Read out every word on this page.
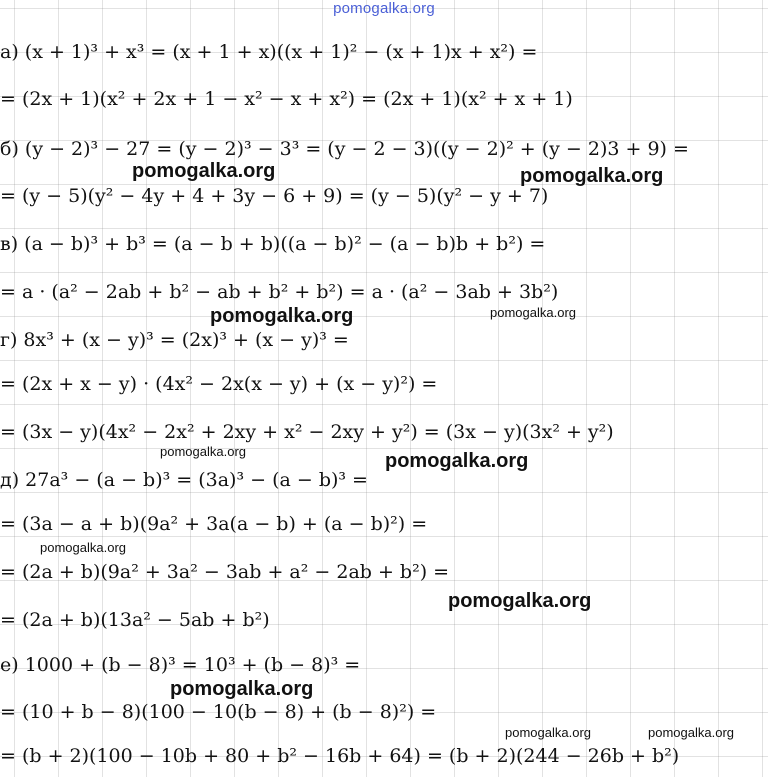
pomogalka.org
а) (x + 1)³ + x³ = (x + 1 + x)((x + 1)² − (x + 1)x + x²) =
= (2x + 1)(x² + 2x + 1 − x² − x + x²) = (2x + 1)(x² + x + 1)
б) (y − 2)³ − 27 = (y − 2)³ − 3³ = (y − 2 − 3)((y − 2)² + (y − 2)3 + 9) =
= (y − 5)(y² − 4y + 4 + 3y − 6 + 9) = (y − 5)(y² − y + 7)
в) (a − b)³ + b³ = (a − b + b)((a − b)² − (a − b)b + b²) =
= a · (a² − 2ab + b² − ab + b² + b²) = a · (a² − 3ab + 3b²)
г) 8x³ + (x − y)³ = (2x)³ + (x − y)³ =
= (2x + x − y) · (4x² − 2x(x − y) + (x − y)²) =
= (3x − y)(4x² − 2x² + 2xy + x² − 2xy + y²) = (3x − y)(3x² + y²)
д) 27a³ − (a − b)³ = (3a)³ − (a − b)³ =
= (3a − a + b)(9a² + 3a(a − b) + (a − b)²) =
= (2a + b)(9a² + 3a² − 3ab + a² − 2ab + b²) =
= (2a + b)(13a² − 5ab + b²)
е) 1000 + (b − 8)³ = 10³ + (b − 8)³ =
= (10 + b − 8)(100 − 10(b − 8) + (b − 8)²) =
= (b + 2)(100 − 10b + 80 + b² − 16b + 64) = (b + 2)(244 − 26b + b²)
pomogalka.org	pomogalka.org
pomogalka.org	pomogalka.org
pomogalka.org	pomogalka.org
pomogalka.org
pomogalka.org
pomogalka.org
pomogalka.org	pomogalka.org
